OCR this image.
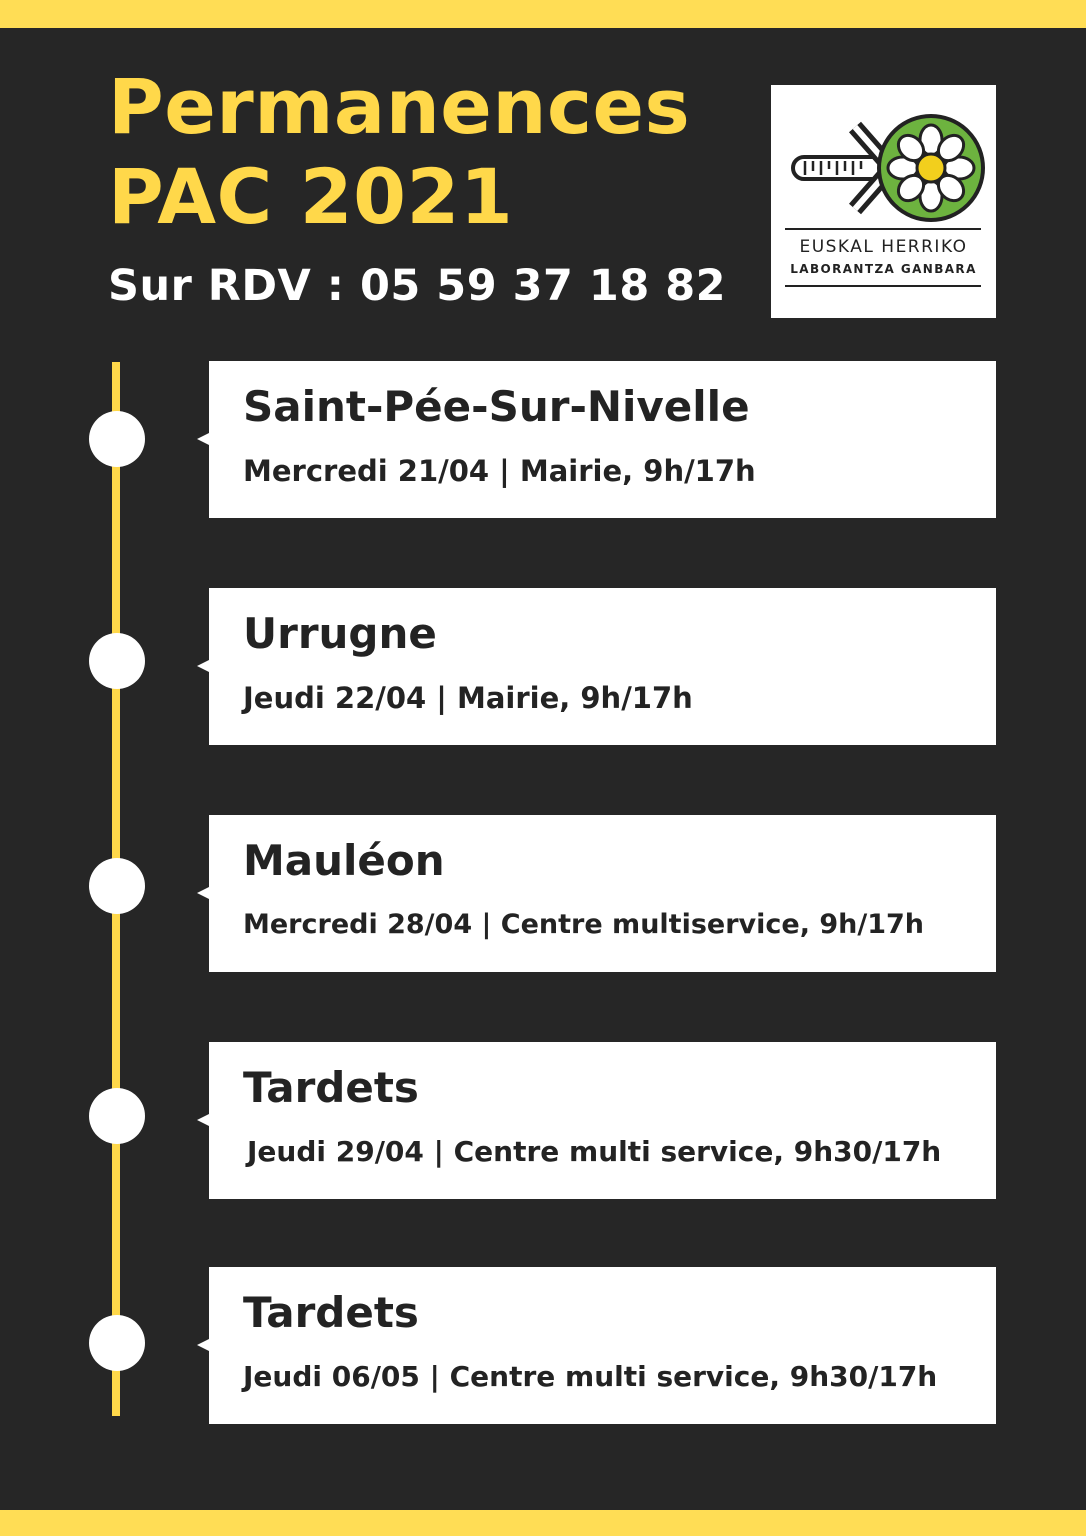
Permanences
PAC 2021
Sur RDV : 05 59 37 18 82
EUSKAL HERRIKO
LABORANTZA GANBARA
Saint-Pée-Sur-Nivelle
Mercredi 21/04 | Mairie, 9h/17h
Urrugne
Jeudi 22/04 | Mairie, 9h/17h
Mauléon
Mercredi 28/04 | Centre multiservice, 9h/17h
Tardets
Jeudi 29/04 | Centre multi service, 9h30/17h
Tardets
Jeudi 06/05 | Centre multi service, 9h30/17h
